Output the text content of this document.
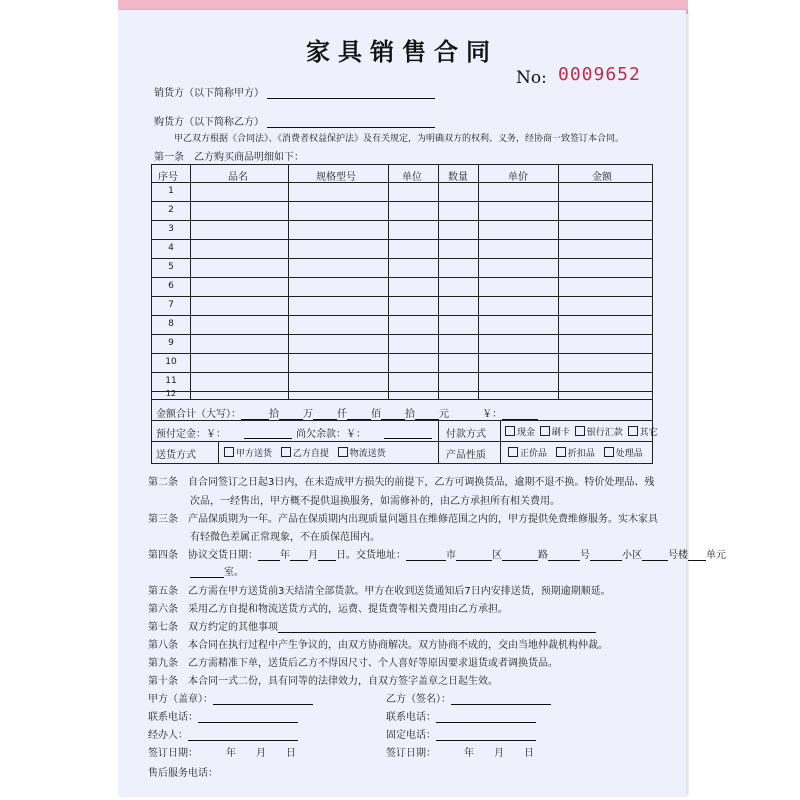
家具销售合同
No: 0009652
销货方（以下简称甲方）
购货方（以下简称乙方）
甲乙双方根据《合同法》、《消费者权益保护法》及有关规定，为明确双方的权利、义务，经协商一致签订本合同。
第一条　乙方购买商品明细如下：
序号	品名	规格型号	单位	数量	单价	金额
1
2
3
4
5
6
7
8
9
10
11
12
金额合计（大写）：	拾 万 仟 佰 拾 元	￥：
预付定金：￥：	尚欠余款：￥：	付款方式	现金 刷卡 银行汇款 其它
送货方式	甲方送货 乙方自提 物流送货	产品性质	正价品 折扣品 处理品
第二条　自合同签订之日起3日内，在未造成甲方损失的前提下，乙方可调换货品，逾期不退不换。特价处理品、残
次品，一经售出，甲方概不提供退换服务，如需修补的，由乙方承担所有相关费用。
第三条　产品保质期为一年。产品在保质期内出现质量问题且在维修范围之内的，甲方提供免费维修服务。实木家具
有轻微色差属正常现象，不在质保范围内。
第四条　协议交货日期： 年 月 日。交货地址：	市	区	路	号	小区	号楼 单元
室。
第五条　乙方需在甲方送货前3天结清全部货款。甲方在收到送货通知后7日内安排送货，预期逾期顺延。
第六条　采用乙方自提和物流送货方式的，运费、提货费等相关费用由乙方承担。
第七条　双方约定的其他事项
第八条　本合同在执行过程中产生争议的，由双方协商解决。双方协商不成的，交由当地仲裁机构仲裁。
第九条　乙方需精准下单，送货后乙方不得因尺寸、个人喜好等原因要求退货或者调换货品。
第十条　本合同一式二份，具有同等的法律效力，自双方签字盖章之日起生效。
甲方（盖章）：	乙方（签名）：
联系电话：	联系电话：
经办人：	固定电话：
签订日期：	年 月 日	签订日期：	年 月 日
售后服务电话：
